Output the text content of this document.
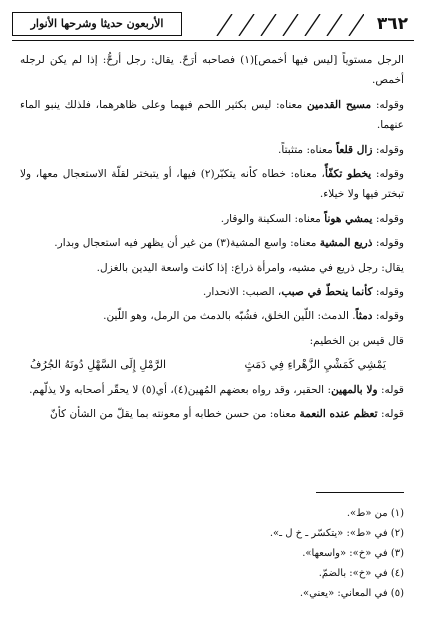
٣٦٢
الأربعون حديثا وشرحها الأنوار

الرجل مستوياً [ليس فيها أخمص](١) فصاحبه أرَحّ. يقال: رجل أرحُّ: إذا لم يكن لرجله أخمص.

وقوله: مسيح القدمين معناه: ليس بكثير اللحم فيهما وعلى ظاهرهما، فلذلك ينبو الماء عنهما.

وقوله: زال قلعاً معناه: متثبتاً.

وقوله: يخطو تكفّأً، معناه: خطاه كأنه يتكبّر(٢) فيها، أو يتبختر لقلّة الاستعجال معها، ولا تبختر فيها ولا خيلاء.

وقوله: يمشي هوناً معناه: السكينة والوقار.

وقوله: ذريع المشية معناه: واسع المشية(٣) من غير أن يظهر فيه استعجال وبدار.

يقال: رجل ذريع في مشيه، وامرأة ذراع: إذا كانت واسعة اليدين بالغزل.

وقوله: كأنما ينحطّ في صبب، الصبب: الانحدار.

وقوله: دمثاً. الدمث: اللّين الخلق، فشُبّه بالدمث من الرمل، وهو اللّين.

قال قيس بن الخطيم:

يَمْشِي كَمَشْيِ الزَّهْراءِ فِي دَمَثٍ
الرَّمْلِ إِلَى السَّهْلِ دُونَهُ الجُرُفُ

قوله: ولا بالمهين: الحقير، وقد رواه بعضهم المُهين(٤)، أي(٥) لا يحقّر أصحابه ولا يذلّهم.

قوله: تعظم عنده النعمة معناه: من حسن خطابه أو معونته بما يقلّ من الشأن كأنّ

(١) من «ط».
(٢) في «ط»: «يتكسّر ـ خ ل ـ».
(٣) في «خ»: «واسعها».
(٤) في «خ»: بالضمّ.
(٥) في المعاني: «يعني».
